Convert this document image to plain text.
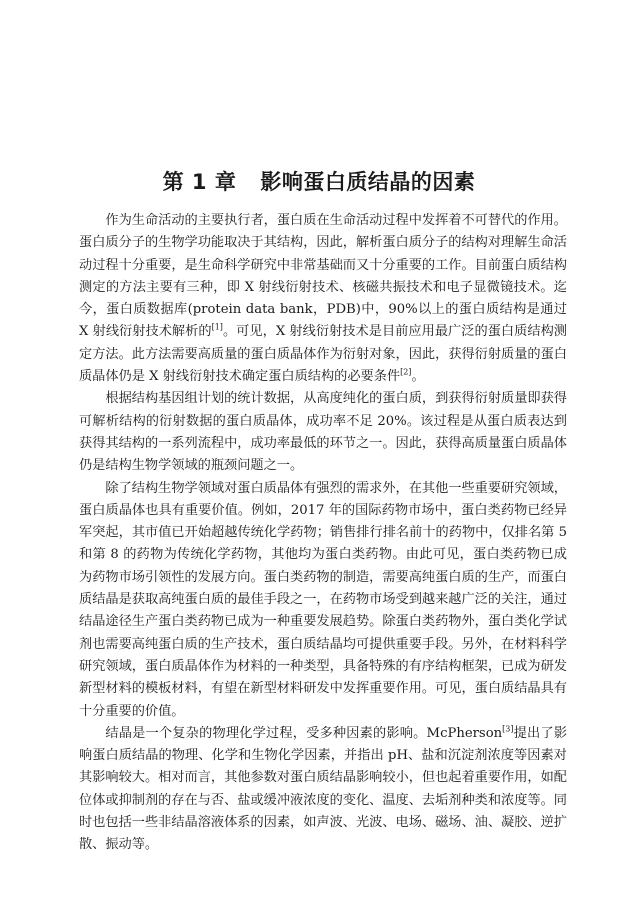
第 1 章 影响蛋白质结晶的因素

作为生命活动的主要执行者，蛋白质在生命活动过程中发挥着不可替代的作用。蛋白质分子的生物学功能取决于其结构，因此，解析蛋白质分子的结构对理解生命活动过程十分重要，是生命科学研究中非常基础而又十分重要的工作。目前蛋白质结构测定的方法主要有三种，即 X 射线衍射技术、核磁共振技术和电子显微镜技术。迄今，蛋白质数据库(protein data bank，PDB)中，90%以上的蛋白质结构是通过 X 射线衍射技术解析的[1]。可见，X 射线衍射技术是目前应用最广泛的蛋白质结构测定方法。此方法需要高质量的蛋白质晶体作为衍射对象，因此，获得衍射质量的蛋白质晶体仍是 X 射线衍射技术确定蛋白质结构的必要条件[2]。

根据结构基因组计划的统计数据，从高度纯化的蛋白质，到获得衍射质量即获得可解析结构的衍射数据的蛋白质晶体，成功率不足 20%。该过程是从蛋白质表达到获得其结构的一系列流程中，成功率最低的环节之一。因此，获得高质量蛋白质晶体仍是结构生物学领域的瓶颈问题之一。

除了结构生物学领域对蛋白质晶体有强烈的需求外，在其他一些重要研究领域，蛋白质晶体也具有重要价值。例如，2017 年的国际药物市场中，蛋白类药物已经异军突起，其市值已开始超越传统化学药物；销售排行排名前十的药物中，仅排名第 5 和第 8 的药物为传统化学药物，其他均为蛋白类药物。由此可见，蛋白类药物已成为药物市场引领性的发展方向。蛋白类药物的制造，需要高纯蛋白质的生产，而蛋白质结晶是获取高纯蛋白质的最佳手段之一，在药物市场受到越来越广泛的关注，通过结晶途径生产蛋白类药物已成为一种重要发展趋势。除蛋白类药物外，蛋白类化学试剂也需要高纯蛋白质的生产技术，蛋白质结晶均可提供重要手段。另外，在材料科学研究领域，蛋白质晶体作为材料的一种类型，具备特殊的有序结构框架，已成为研发新型材料的模板材料，有望在新型材料研发中发挥重要作用。可见，蛋白质结晶具有十分重要的价值。

结晶是一个复杂的物理化学过程，受多种因素的影响。McPherson[3]提出了影响蛋白质结晶的物理、化学和生物化学因素，并指出 pH、盐和沉淀剂浓度等因素对其影响较大。相对而言，其他参数对蛋白质结晶影响较小，但也起着重要作用，如配位体或抑制剂的存在与否、盐或缓冲液浓度的变化、温度、去垢剂种类和浓度等。同时也包括一些非结晶溶液体系的因素，如声波、光波、电场、磁场、油、凝胶、逆扩散、振动等。
